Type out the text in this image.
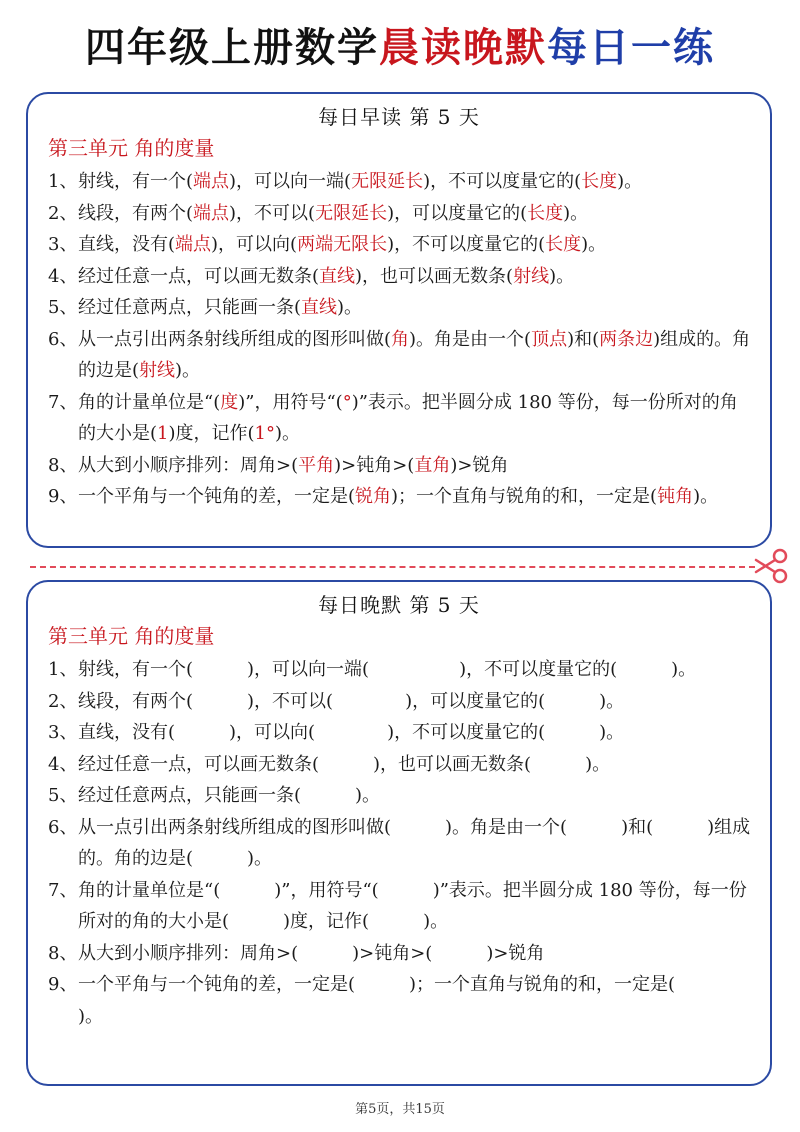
四年级上册数学晨读晚默每日一练
每日早读 第 5 天
第三单元 角的度量
1、 射线，有一个(端点)，可以向一端(无限延长)，不可以度量它的(长度)。
2、 线段，有两个(端点)，不可以(无限延长)，可以度量它的(长度)。
3、 直线，没有(端点)，可以向(两端无限长)，不可以度量它的(长度)。
4、 经过任意一点，可以画无数条(直线)，也可以画无数条(射线)。
5、 经过任意两点，只能画一条(直线)。
6、 从一点引出两条射线所组成的图形叫做(角)。角是由一个(顶点)和(两条边)组成的。角的边是(射线)。
7、 角的计量单位是“(度)”，用符号“(°)”表示。把半圆分成 180 等份，每一份所对的角的大小是(1)度，记作(1°)。
8、 从大到小顺序排列：周角>(平角)>钝角>(直角)>锐角
9、 一个平角与一个钝角的差，一定是(锐角)；一个直角与锐角的和，一定是(钝角)。
每日晚默 第 5 天
第三单元 角的度量
1、 射线，有一个(	)，可以向一端(	)，不可以度量它的(	)。
2、 线段，有两个(	)，不可以(	)，可以度量它的(	)。
3、 直线，没有(	)，可以向(	)，不可以度量它的(	)。
4、 经过任意一点，可以画无数条(	)，也可以画无数条(	)。
5、 经过任意两点，只能画一条(	)。
6、 从一点引出两条射线所组成的图形叫做(	)。角是由一个(	)和(	)组成的。角的边是(	)。
7、 角的计量单位是“(	)”，用符号“(	)”表示。把半圆分成 180 等份，每一份所对的角的大小是(	)度，记作(	)。
8、 从大到小顺序排列：周角>(	)>钝角>(	)>锐角
9、 一个平角与一个钝角的差，一定是(	)；一个直角与锐角的和，一定是()。
第5页，共15页
